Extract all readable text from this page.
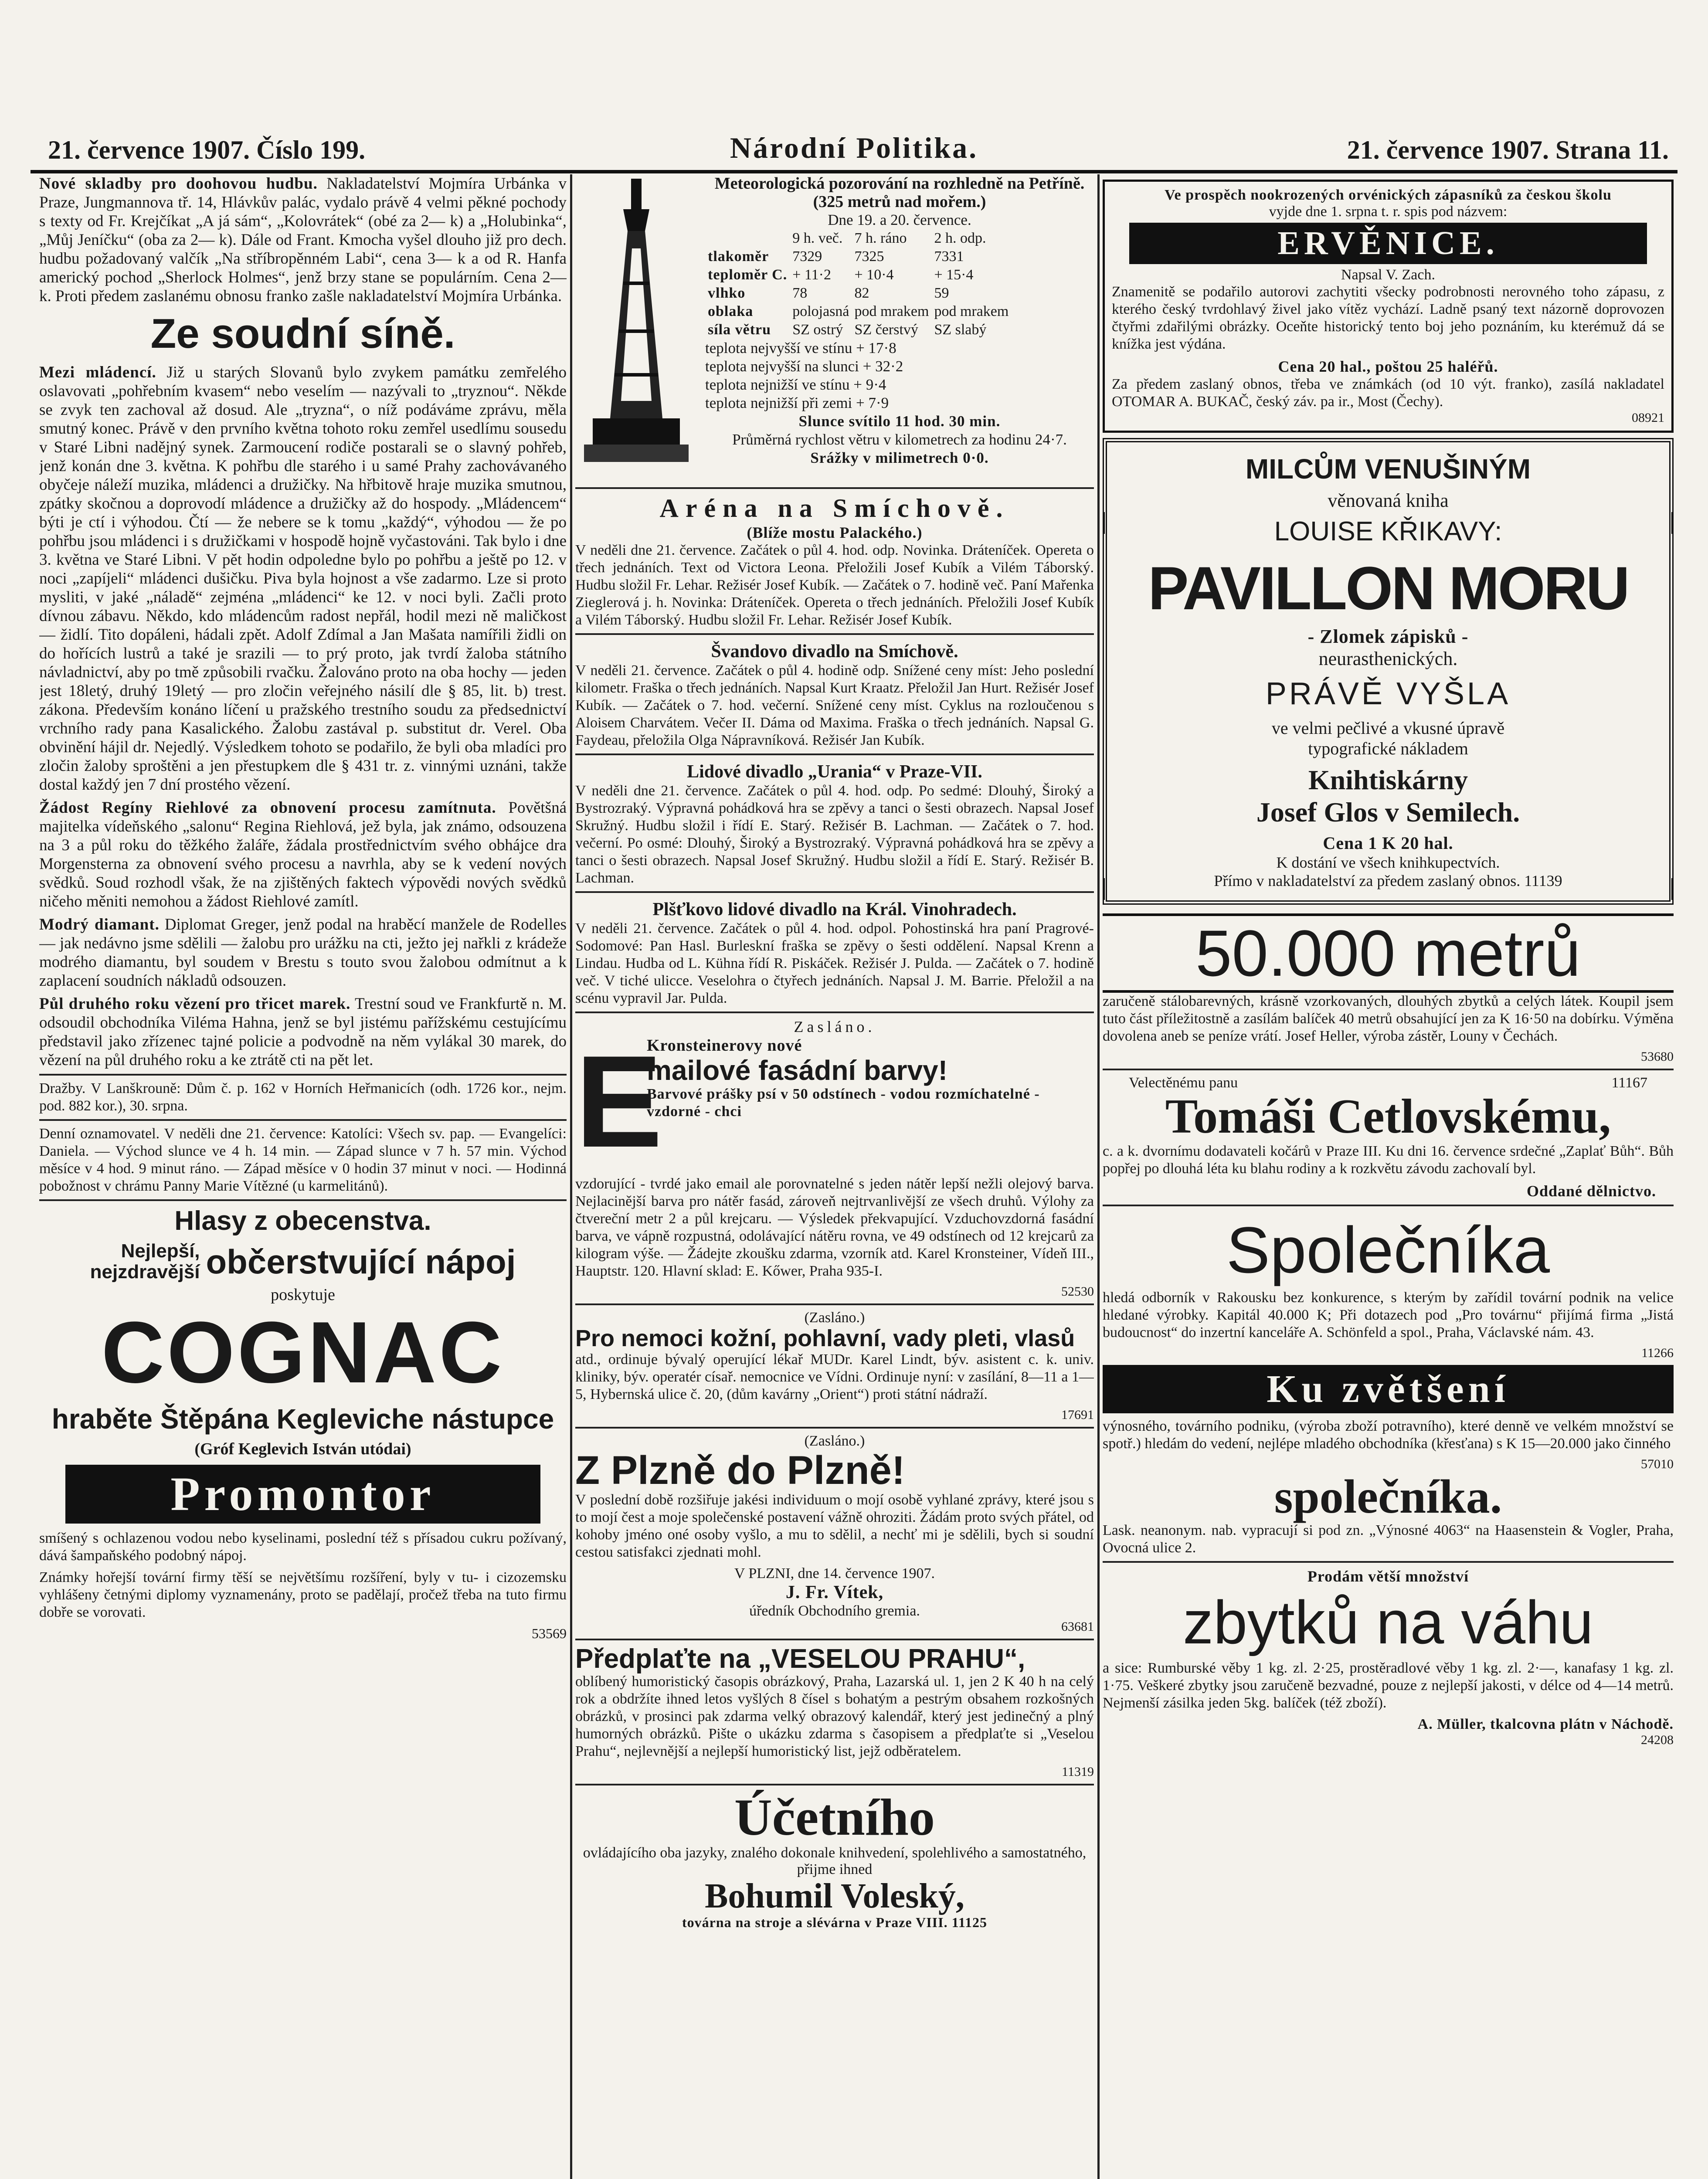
21. července 1907. Číslo 199.	Národní Politika.	21. července 1907. Strana 11.

Nové skladby pro doohovou hudbu. Nakladatelství Mojmíra Urbánka v Praze, Jungmannova tř. 14, Hlávkův palác, vydalo právě 4 velmi pěkné pochody s texty od Fr. Krejčíkat „A já sám“, „Kolovrátek“ (obé za 2— k) a „Holubinka“, „Můj Jeníčku“ (oba za 2— k). Dále od Frant. Kmocha vyšel dlouho již pro dech. hudbu požadovaný valčík „Na stříbropěnném Labi“, cena 3— k a od R. Hanfa americký pochod „Sherlock Holmes“, jenž brzy stane se populárním. Cena 2— k. Proti předem zaslanému obnosu franko zašle nakladatelství Mojmíra Urbánka.

Ze soudní síně.

Mezi mládencí. Již u starých Slovanů bylo zvykem památku zemřelého oslavovati „pohřebním kvasem“ nebo veselím — nazývali to „tryznou“. Někde se zvyk ten zachoval až dosud. Ale „tryzna“, o níž podáváme zprávu, měla smutný konec. Právě v den prvního května tohoto roku zemřel usedlímu sousedu v Staré Libni nadějný synek. Zarmoucení rodiče postarali se o slavný pohřeb, jenž konán dne 3. května. K pohřbu dle starého i u samé Prahy zachovávaného obyčeje náleží muzika, mládenci a družičky. Na hřbitově hraje muzika smutnou, zpátky skočnou a doprovodí mládence a družičky až do hospody. „Mládencem“ býti je ctí i výhodou. Čtí — že nebere se k tomu „každý“, výhodou — že po pohřbu jsou mládenci i s družičkami v hospodě hojně vyčastováni. Tak bylo i dne 3. května ve Staré Libni. V pět hodin odpoledne bylo po pohřbu a ještě po 12. v noci „zapíjeli“ mládenci dušičku. Piva byla hojnost a vše zadarmo. Lze si proto mysliti, v jaké „náladě“ zejména „mládenci“ ke 12. v noci byli. Začli proto dívnou zábavu. Někdo, kdo mládencům radost nepřál, hodil mezi ně maličkost — židlí. Tito dopáleni, hádali zpět. Adolf Zdímal a Jan Mašata namířili židli on do hořících lustrů a také je srazili — to prý proto, jak tvrdí žaloba státního návladnictví, aby po tmě způsobili rvačku. Žalováno proto na oba hochy — jeden jest 18letý, druhý 19letý — pro zločin veřejného násilí dle § 85, lit. b) trest. zákona. Především konáno líčení u pražského trestního soudu za předsednictví vrchního rady pana Kasalického. Žalobu zastával p. substitut dr. Verel. Oba obvinění hájil dr. Nejedlý. Výsledkem tohoto se podařilo, že byli oba mladíci pro zločin žaloby sproštěni a jen přestupkem dle § 431 tr. z. vinnými uznáni, takže dostal každý jen 7 dní prostého vězení.

Žádost Regíny Riehlové za obnovení procesu zamítnuta. Povětšná majitelka vídeňského „salonu“ Regina Riehlová, jež byla, jak známo, odsouzena na 3 a půl roku do těžkého žaláře, žádala prostřednictvím svého obhájce dra Morgensterna za obnovení svého procesu a navrhla, aby se k vedení nových svědků. Soud rozhodl však, že na zjištěných faktech výpovědi nových svědků ničeho měniti nemohou a žádost Riehlové zamítl.

Modrý diamant. Diplomat Greger, jenž podal na hraběcí manžele de Rodelles — jak nedávno jsme sdělili — žalobu pro urážku na cti, ježto jej nařkli z krádeže modrého diamantu, byl soudem v Brestu s touto svou žalobou odmítnut a k zaplacení soudních nákladů odsouzen.

Půl druhého roku vězení pro třicet marek. Trestní soud ve Frankfurtě n. M. odsoudil obchodníka Viléma Hahna, jenž se byl jistému pařížskému cestujícímu představil jako zřízenec tajné policie a podvodně na něm vylákal 30 marek, do vězení na půl druhého roku a ke ztrátě cti na pět let.

Dražby. V Lanškrouně: Dům č. p. 162 v Horních Heřmanicích (odh. 1726 kor., nejm. pod. 882 kor.), 30. srpna.

Denní oznamovatel. V neděli dne 21. července: Katolíci: Všech sv. pap. — Evangelíci: Daniela. — Východ slunce ve 4 h. 14 min. — Západ slunce v 7 h. 57 min. Východ měsíce v 4 hod. 9 minut ráno. — Západ měsíce v 0 hodin 37 minut v noci. — Hodinná pobožnost v chrámu Panny Marie Vítězné (u karmelitánů).

Hlasy z obecenstva.
Nejlepší,
nejzdravější občerstvující nápoj
poskytuje
COGNAC
hraběte Štěpána Kegleviche nástupce
(Gróf Keglevich István utódai)
Promontor

smíšený s ochlazenou vodou nebo kyselinami, poslední též s přísadou cukru požívaný, dává šampaňského podobný nápoj.

Známky hořejší tovární firmy těší se největšímu rozšíření, byly v tu- i cizozemsku vyhlášeny četnými diplomy vyznamenány, proto se padělají, pročež třeba na tuto firmu dobře se vorovati.

53569
Meteorologická pozorování na rozhledně na Petříně. (325 metrů nad mořem.)
Dne 19. a 20. července.
	9 h. več.	7 h. ráno	2 h. odp.
tlakoměr	7329	7325	7331
teploměr C.	+ 11·2	+ 10·4	+ 15·4
vlhko	78	82	59
oblaka	polojasná	pod mrakem	pod mrakem
síla větru	SZ ostrý	SZ čerstvý	SZ slabý
teplota nejvyšší ve stínu + 17·8
teplota nejvyšší na slunci + 32·2
teplota nejnižší ve stínu + 9·4
teplota nejnižší při zemi + 7·9
Slunce svítilo 11 hod. 30 min.
Průměrná rychlost větru v kilometrech za hodinu 24·7.
Srážky v milimetrech 0·0.
Aréna na Smíchově.
(Blíže mostu Palackého.)

V neděli dne 21. července. Začátek o půl 4. hod. odp. Novinka. Dráteníček. Opereta o třech jednáních. Text od Victora Leona. Přeložili Josef Kubík a Vilém Táborský. Hudbu složil Fr. Lehar. Režisér Josef Kubík. — Začátek o 7. hodině več. Paní Mařenka Zieglerová j. h. Novinka: Dráteníček. Opereta o třech jednáních. Přeložili Josef Kubík a Vilém Táborský. Hudbu složil Fr. Lehar. Režisér Josef Kubík.

Švandovo divadlo na Smíchově.

V neděli 21. července. Začátek o půl 4. hodině odp. Snížené ceny míst: Jeho poslední kilometr. Fraška o třech jednáních. Napsal Kurt Kraatz. Přeložil Jan Hurt. Režisér Josef Kubík. — Začátek o 7. hod. večerní. Snížené ceny míst. Cyklus na rozloučenou s Aloisem Charvátem. Večer II. Dáma od Maxima. Fraška o třech jednáních. Napsal G. Faydeau, přeložila Olga Nápravníková. Režisér Jan Kubík.

Lidové divadlo „Urania“ v Praze-VII.

V neděli dne 21. července. Začátek o půl 4. hod. odp. Po sedmé: Dlouhý, Široký a Bystrozraký. Výpravná pohádková hra se zpěvy a tanci o šesti obrazech. Napsal Josef Skružný. Hudbu složil i řídí E. Starý. Režisér B. Lachman. — Začátek o 7. hod. večerní. Po osmé: Dlouhý, Široký a Bystrozraký. Výpravná pohádková hra se zpěvy a tanci o šesti obrazech. Napsal Josef Skružný. Hudbu složil a řídí E. Starý. Režisér B. Lachman.

Plšťkovo lidové divadlo na Král. Vinohradech.

V neděli 21. července. Začátek o půl 4. hod. odpol. Pohostinská hra paní Pragrové-Sodomové: Pan Hasl. Burleskní fraška se zpěvy o šesti oddělení. Napsal Krenn a Lindau. Hudba od L. Kühna řídí R. Piskáček. Režisér J. Pulda. — Začátek o 7. hodině več. V tiché ulicce. Veselohra o čtyřech jednáních. Napsal J. M. Barrie. Přeložil a na scénu vypravil Jar. Pulda.

Zasláno.
E
Kronsteinerovy nové
mailové fasádní barvy!
Barvové prášky psí v 50 odstínech - vodou rozmíchatelné - vzdorné - chci

vzdorující - tvrdé jako email ale porovnatelné s jeden nátěr lepší nežli olejový barva. Nejlacinější barva pro nátěr fasád, zároveň nejtrvanlivější ze všech druhů. Výlohy za čtvereční metr 2 a půl krejcaru. — Výsledek překvapující. Vzduchovzdorná fasádní barva, ve vápně rozpustná, odolávající nátěru rovna, ve 49 odstínech od 12 krejcarů za kilogram výše. — Žádejte zkoušku zdarma, vzorník atd. Karel Kronsteiner, Vídeň III., Hauptstr. 120. Hlavní sklad: E. Kőwer, Praha 935-I.

52530
(Zasláno.)
Pro nemoci kožní, pohlavní, vady pleti, vlasů

atd., ordinuje bývalý operující lékař MUDr. Karel Lindt, býv. asistent c. k. univ. kliniky, býv. operatér císař. nemocnice ve Vídni. Ordinuje nyní: v zasílání, 8—11 a 1—5, Hybernská ulice č. 20, (dům kavárny „Orient“) proti státní nádraží.

17691
(Zasláno.)
Z Plzně do Plzně!

V poslední době rozšiřuje jakési individuum o mojí osobě vyhlané zprávy, které jsou s to mojí čest a moje společenské postavení vážně ohroziti. Žádám proto svých přátel, od kohoby jméno oné osoby vyšlo, a mu to sdělil, a nechť mi je sdělili, bych si soudní cestou satisfakci zjednati mohl.

V PLZNI, dne 14. července 1907.
J. Fr. Vítek,
úředník Obchodního gremia.
63681
Předplaťte na „VESELOU PRAHU“,

oblíbený humoristický časopis obrázkový, Praha, Lazarská ul. 1, jen 2 K 40 h na celý rok a obdržíte ihned letos vyšlých 8 čísel s bohatým a pestrým obsahem rozkošných obrázků, v prosinci pak zdarma velký obrazový kalendář, který jest jedinečný a plný humorných obrázků. Pište o ukázku zdarma s časopisem a předplaťte si „Veselou Prahu“, nejlevnější a nejlepší humoristický list, jejž odběratelem.

11319
Účetního
ovládajícího oba jazyky, znalého dokonale knihvedení, spolehlivého a samostatného, přijme ihned
Bohumil Voleský,
továrna na stroje a slévárna v Praze VIII. 11125
Ve prospěch nookrozených orvénických zápasníků za českou školu
vyjde dne 1. srpna t. r. spis pod názvem:
ERVĚNICE.
Napsal V. Zach.

Znamenitě se podařilo autorovi zachytiti všecky podrobnosti nerovného toho zápasu, z kterého český tvrdohlavý živel jako vítěz vychází. Ladně psaný text názorně doprovozen čtyřmi zdařilými obrázky. Oceňte historický tento boj jeho poznáním, ku kterémuž dá se knížka jest výdána.

Cena 20 hal., poštou 25 haléřů.

Za předem zaslaný obnos, třeba ve známkách (od 10 výt. franko), zasílá nakladatel OTOMAR A. BUKAČ, český záv. pa ir., Most (Čechy).

08921
MILCŮM VENUŠINÝM
věnovaná kniha
LOUISE KŘIKAVY:
PAVILLON MORU
- Zlomek zápisků -
neurasthenických.
PRÁVĚ VYŠLA
ve velmi pečlivé a vkusné úpravě
typografické nákladem
Knihtiskárny
Josef Glos v Semilech.
Cena 1 K 20 hal.
K dostání ve všech knihkupectvích.
Přímo v nakladatelství za předem zaslaný obnos. 11139
50.000 metrů

zaručeně stálobarevných, krásně vzorkovaných, dlouhých zbytků a celých látek. Koupil jsem tuto část příležitostně a zasílám balíček 40 metrů obsahující jen za K 16·50 na dobírku. Výměna dovolena aneb se peníze vrátí. Josef Heller, výroba zástěr, Louny v Čechách.

53680
Velectěnému panu	11167
Tomáši Cetlovskému,

c. a k. dvornímu dodavateli kočárů v Praze III. Ku dni 16. července srdečné „Zaplať Bůh“. Bůh popřej po dlouhá léta ku blahu rodiny a k rozkvětu závodu zachovalí byl.

Oddané dělnictvo.
Společníka

hledá odborník v Rakousku bez konkurence, s kterým by zařídil tovární podnik na velice hledané výrobky. Kapitál 40.000 K; Při dotazech pod „Pro továrnu“ přijímá firma „Jistá budoucnost“ do inzertní kanceláře A. Schönfeld a spol., Praha, Václavské nám. 43.

11266
Ku zvětšení

výnosného, továrního podniku, (výroba zboží potravního), které denně ve velkém množství se spotř.) hledám do vedení, nejlépe mladého obchodníka (křesťana) s K 15—20.000 jako činného

57010
společníka.

Lask. neanonym. nab. vypracují si pod zn. „Výnosné 4063“ na Haasenstein & Vogler, Praha, Ovocná ulice 2.

Prodám větší množství
zbytků na váhu

a sice: Rumburské věby 1 kg. zl. 2·25, prostěradlové věby 1 kg. zl. 2·—, kanafasy 1 kg. zl. 1·75. Veškeré zbytky jsou zaručeně bezvadné, pouze z nejlepší jakosti, v délce od 4—14 metrů. Nejmenší zásilka jeden 5kg. balíček (též zboží).

A. Müller, tkalcovna plátn v Náchodě.
24208
